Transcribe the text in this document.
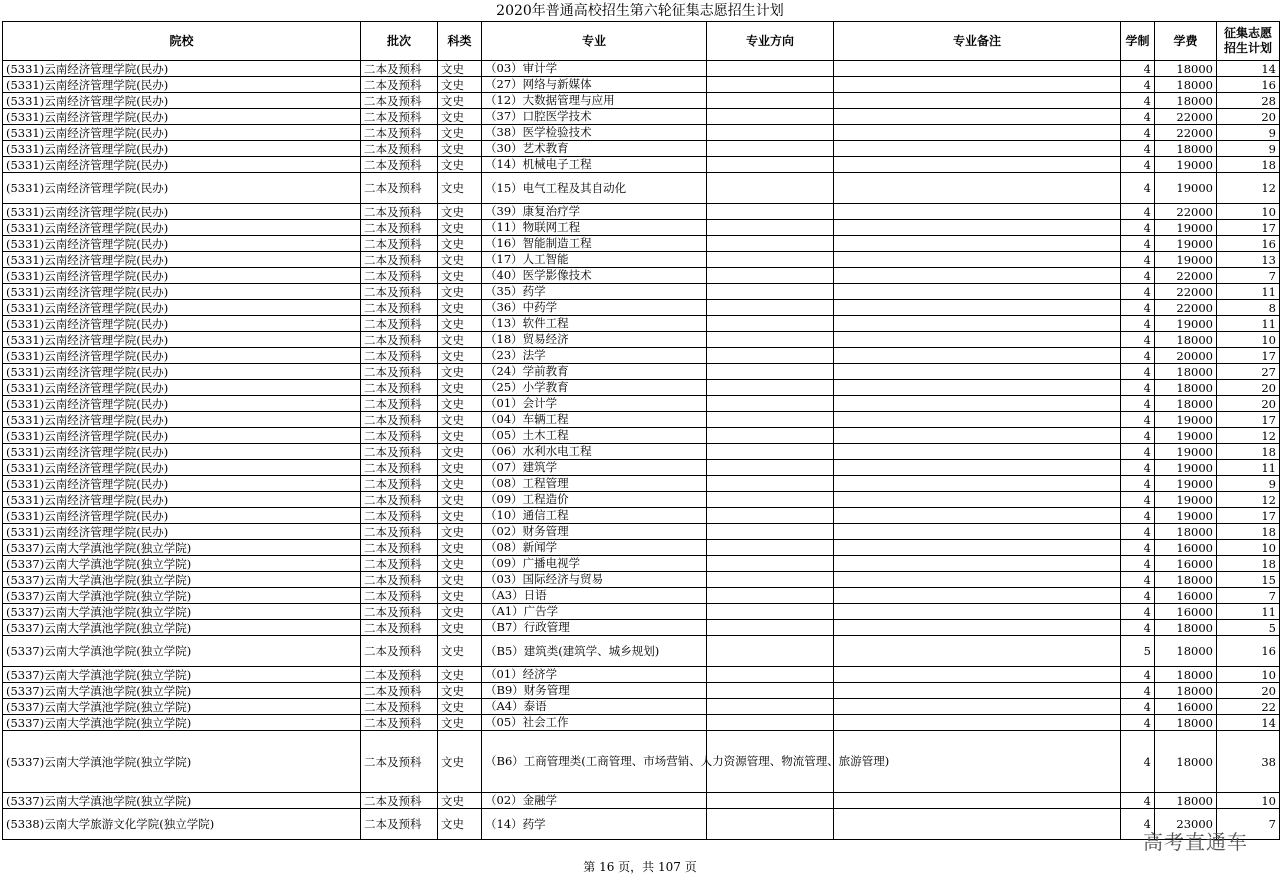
2020年普通高校招生第六轮征集志愿招生计划
院校	批次	科类	专业	专业方向	专业备注	学制	学费	征集志愿招生计划
(5331)云南经济管理学院(民办)	二本及预科	文史	（03）审计学			4	18000	14
(5331)云南经济管理学院(民办)	二本及预科	文史	（27）网络与新媒体			4	18000	16
(5331)云南经济管理学院(民办)	二本及预科	文史	（12）大数据管理与应用			4	18000	28
(5331)云南经济管理学院(民办)	二本及预科	文史	（37）口腔医学技术			4	22000	20
(5331)云南经济管理学院(民办)	二本及预科	文史	（38）医学检验技术			4	22000	9
(5331)云南经济管理学院(民办)	二本及预科	文史	（30）艺术教育			4	18000	9
(5331)云南经济管理学院(民办)	二本及预科	文史	（14）机械电子工程			4	19000	18
(5331)云南经济管理学院(民办)	二本及预科	文史	（15）电气工程及其自动化			4	19000	12
(5331)云南经济管理学院(民办)	二本及预科	文史	（39）康复治疗学			4	22000	10
(5331)云南经济管理学院(民办)	二本及预科	文史	（11）物联网工程			4	19000	17
(5331)云南经济管理学院(民办)	二本及预科	文史	（16）智能制造工程			4	19000	16
(5331)云南经济管理学院(民办)	二本及预科	文史	（17）人工智能			4	19000	13
(5331)云南经济管理学院(民办)	二本及预科	文史	（40）医学影像技术			4	22000	7
(5331)云南经济管理学院(民办)	二本及预科	文史	（35）药学			4	22000	11
(5331)云南经济管理学院(民办)	二本及预科	文史	（36）中药学			4	22000	8
(5331)云南经济管理学院(民办)	二本及预科	文史	（13）软件工程			4	19000	11
(5331)云南经济管理学院(民办)	二本及预科	文史	（18）贸易经济			4	18000	10
(5331)云南经济管理学院(民办)	二本及预科	文史	（23）法学			4	20000	17
(5331)云南经济管理学院(民办)	二本及预科	文史	（24）学前教育			4	18000	27
(5331)云南经济管理学院(民办)	二本及预科	文史	（25）小学教育			4	18000	20
(5331)云南经济管理学院(民办)	二本及预科	文史	（01）会计学			4	18000	20
(5331)云南经济管理学院(民办)	二本及预科	文史	（04）车辆工程			4	19000	17
(5331)云南经济管理学院(民办)	二本及预科	文史	（05）土木工程			4	19000	12
(5331)云南经济管理学院(民办)	二本及预科	文史	（06）水利水电工程			4	19000	18
(5331)云南经济管理学院(民办)	二本及预科	文史	（07）建筑学			4	19000	11
(5331)云南经济管理学院(民办)	二本及预科	文史	（08）工程管理			4	19000	9
(5331)云南经济管理学院(民办)	二本及预科	文史	（09）工程造价			4	19000	12
(5331)云南经济管理学院(民办)	二本及预科	文史	（10）通信工程			4	19000	17
(5331)云南经济管理学院(民办)	二本及预科	文史	（02）财务管理			4	18000	18
(5337)云南大学滇池学院(独立学院)	二本及预科	文史	（08）新闻学			4	16000	10
(5337)云南大学滇池学院(独立学院)	二本及预科	文史	（09）广播电视学			4	16000	18
(5337)云南大学滇池学院(独立学院)	二本及预科	文史	（03）国际经济与贸易			4	18000	15
(5337)云南大学滇池学院(独立学院)	二本及预科	文史	（A3）日语			4	16000	7
(5337)云南大学滇池学院(独立学院)	二本及预科	文史	（A1）广告学			4	16000	11
(5337)云南大学滇池学院(独立学院)	二本及预科	文史	（B7）行政管理			4	18000	5
(5337)云南大学滇池学院(独立学院)	二本及预科	文史	（B5）建筑类(建筑学、城乡规划)			5	18000	16
(5337)云南大学滇池学院(独立学院)	二本及预科	文史	（01）经济学			4	18000	10
(5337)云南大学滇池学院(独立学院)	二本及预科	文史	（B9）财务管理			4	18000	20
(5337)云南大学滇池学院(独立学院)	二本及预科	文史	（A4）泰语			4	16000	22
(5337)云南大学滇池学院(独立学院)	二本及预科	文史	（05）社会工作			4	18000	14
(5337)云南大学滇池学院(独立学院)	二本及预科	文史	（B6）工商管理类(工商管理、市场营销、人力资源管理、物流管理、旅游管理)			4	18000	38
(5337)云南大学滇池学院(独立学院)	二本及预科	文史	（02）金融学			4	18000	10
(5338)云南大学旅游文化学院(独立学院)	二本及预科	文史	（14）药学			4	23000	7
高考直通车
第 16 页，共 107 页
